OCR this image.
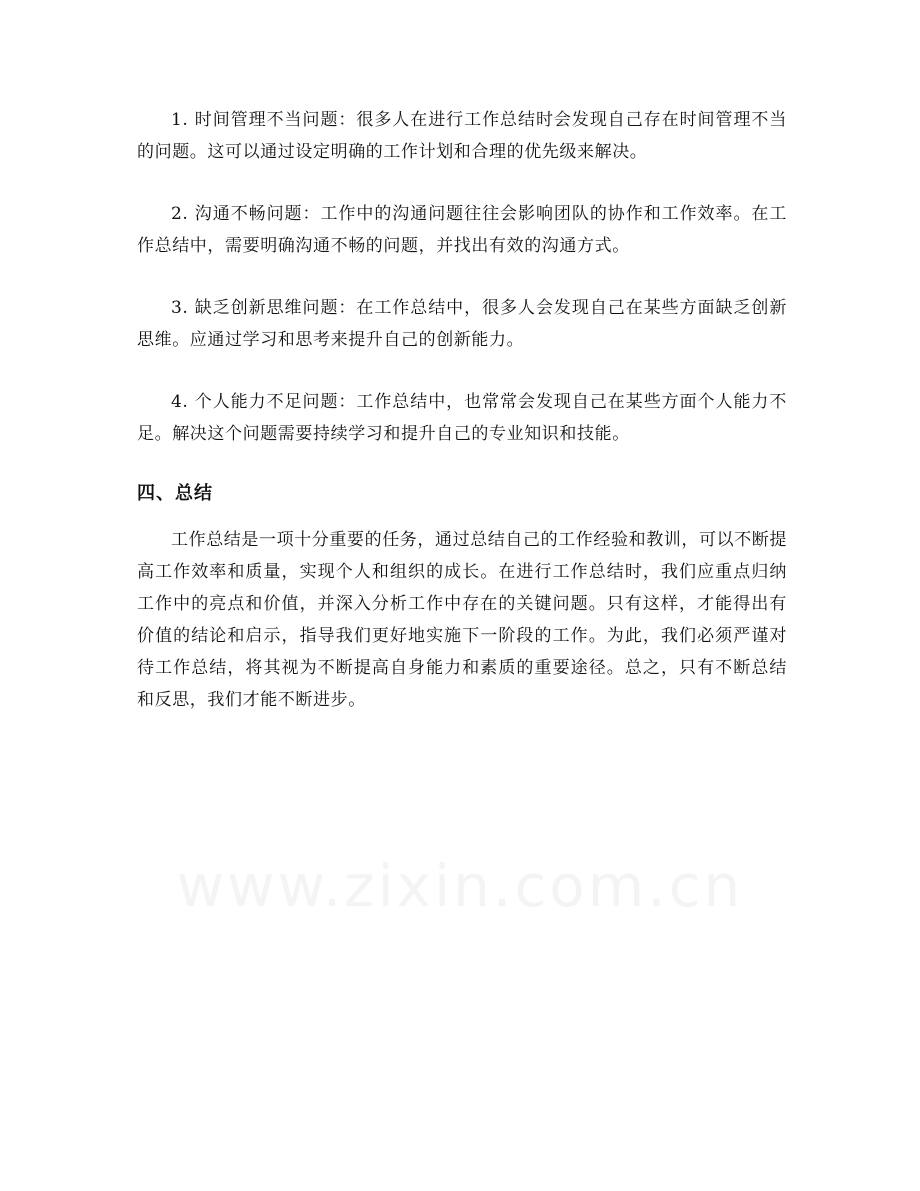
1. 时间管理不当问题：很多人在进行工作总结时会发现自己存在时间管理不当的问题。这可以通过设定明确的工作计划和合理的优先级来解决。

2. 沟通不畅问题：工作中的沟通问题往往会影响团队的协作和工作效率。在工作总结中，需要明确沟通不畅的问题，并找出有效的沟通方式。

3. 缺乏创新思维问题：在工作总结中，很多人会发现自己在某些方面缺乏创新思维。应通过学习和思考来提升自己的创新能力。

4. 个人能力不足问题：工作总结中，也常常会发现自己在某些方面个人能力不足。解决这个问题需要持续学习和提升自己的专业知识和技能。

四、总结

工作总结是一项十分重要的任务，通过总结自己的工作经验和教训，可以不断提高工作效率和质量，实现个人和组织的成长。在进行工作总结时，我们应重点归纳工作中的亮点和价值，并深入分析工作中存在的关键问题。只有这样，才能得出有价值的结论和启示，指导我们更好地实施下一阶段的工作。为此，我们必须严谨对待工作总结，将其视为不断提高自身能力和素质的重要途径。总之，只有不断总结和反思，我们才能不断进步。

www.zixin.com.cn
